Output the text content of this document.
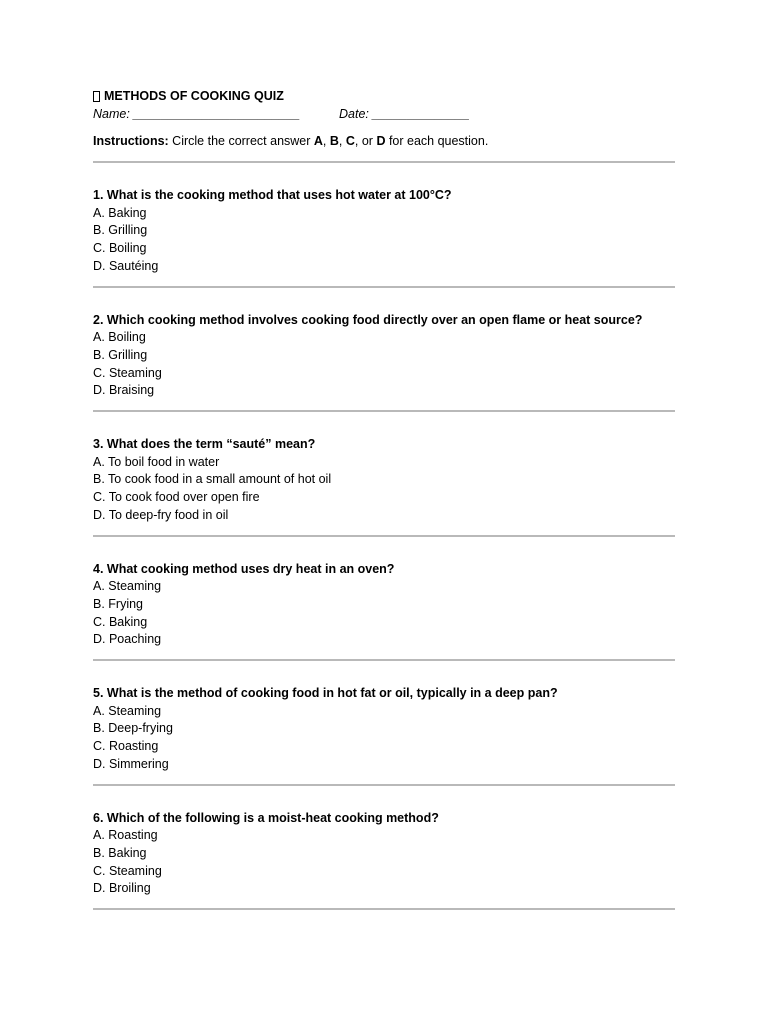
METHODS OF COOKING QUIZ
Name: ________________________	Date: ______________
Instructions: Circle the correct answer A, B, C, or D for each question.
1. What is the cooking method that uses hot water at 100°C?
A. Baking
B. Grilling
C. Boiling
D. Sautéing
2. Which cooking method involves cooking food directly over an open flame or heat source?
A. Boiling
B. Grilling
C. Steaming
D. Braising
3. What does the term “sauté” mean?
A. To boil food in water
B. To cook food in a small amount of hot oil
C. To cook food over open fire
D. To deep-fry food in oil
4. What cooking method uses dry heat in an oven?
A. Steaming
B. Frying
C. Baking
D. Poaching
5. What is the method of cooking food in hot fat or oil, typically in a deep pan?
A. Steaming
B. Deep-frying
C. Roasting
D. Simmering
6. Which of the following is a moist-heat cooking method?
A. Roasting
B. Baking
C. Steaming
D. Broiling
